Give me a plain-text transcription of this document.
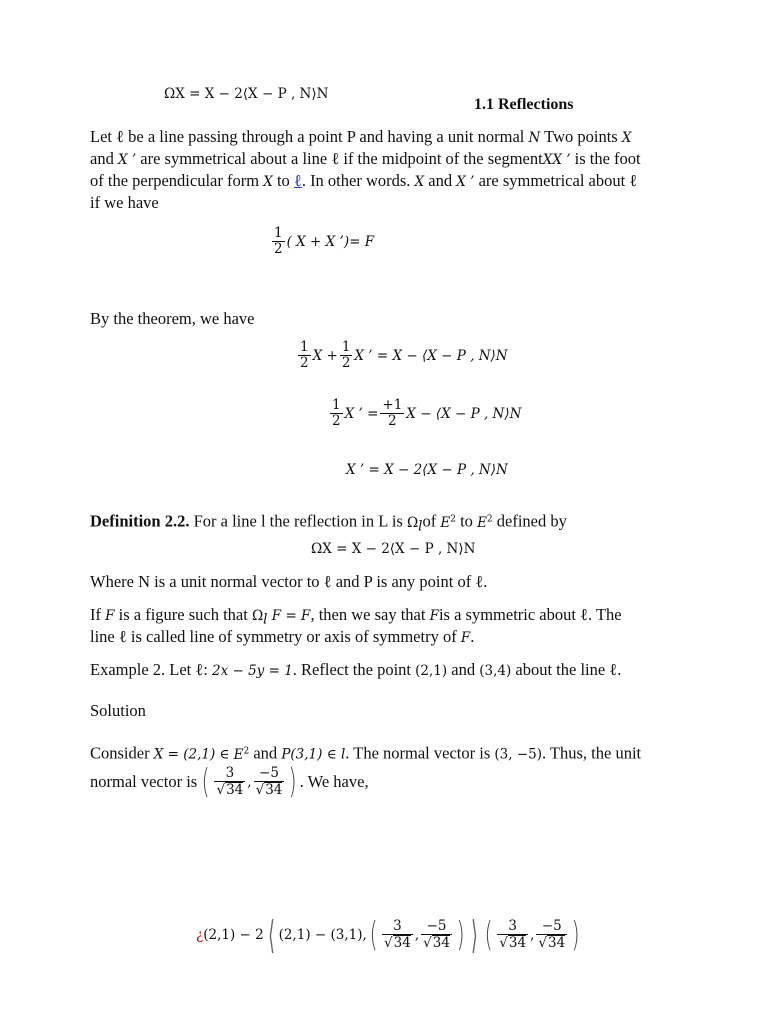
ΩX = X − 2⟨X − P , N⟩N
1.1 Reflections
Let ℓ be a line passing through a point P and having a unit normal N Two points X
and X ’ are symmetrical about a line ℓ if the midpoint of the segmentXX ’ is the foot
of the perpendicular form X to ℓ. In other words. X and X ’ are symmetrical about ℓ
if we have
$\frac{1}{2}$ ( X + X ’)= F
By the theorem, we have
$\frac{1}{2}$ $X + \frac{1}{2}$ X ’ = X − ⟨X − P , N⟩N
$\frac{1}{2}$ X ’ = $\frac{+1}{2}$ X − ⟨X − P , N⟩N
X ’ = X − 2⟨X − P , N⟩N
Definition 2.2. For a line l the reflection in L is $\Omega_lof$ $E^2$ to $E^2$ defined by
ΩX = X − 2⟨X − P , N⟩N
Where N is a unit normal vector to ℓ and P is any point of ℓ.
If F is a figure such that $\Omega_l$ F = F, then we say that Fis a symmetric about ℓ. The
line ℓ is called line of symmetry or axis of symmetry of F.
Example 2. Let ℓ: 2x − 5y = 1. Reflect the point (2,1) and (3,4) about the line ℓ.
Solution
Consider X = (2,1) ∈ $E^2$ and P(3,1) ∈ l. The normal vector is (3, −5). Thus, the unit
normal vector is ( $\frac{3}{√34}$ , $\frac{-5}{√34}$ ) . We have,
¿ (2,1) − 2 ⟨ (2,1) − (3,1), ( $\frac{3}{√34}$ , $\frac{-5}{√34}$ ) ⟩ ( $\frac{3}{√34}$ , $\frac{-5}{√34}$ )
